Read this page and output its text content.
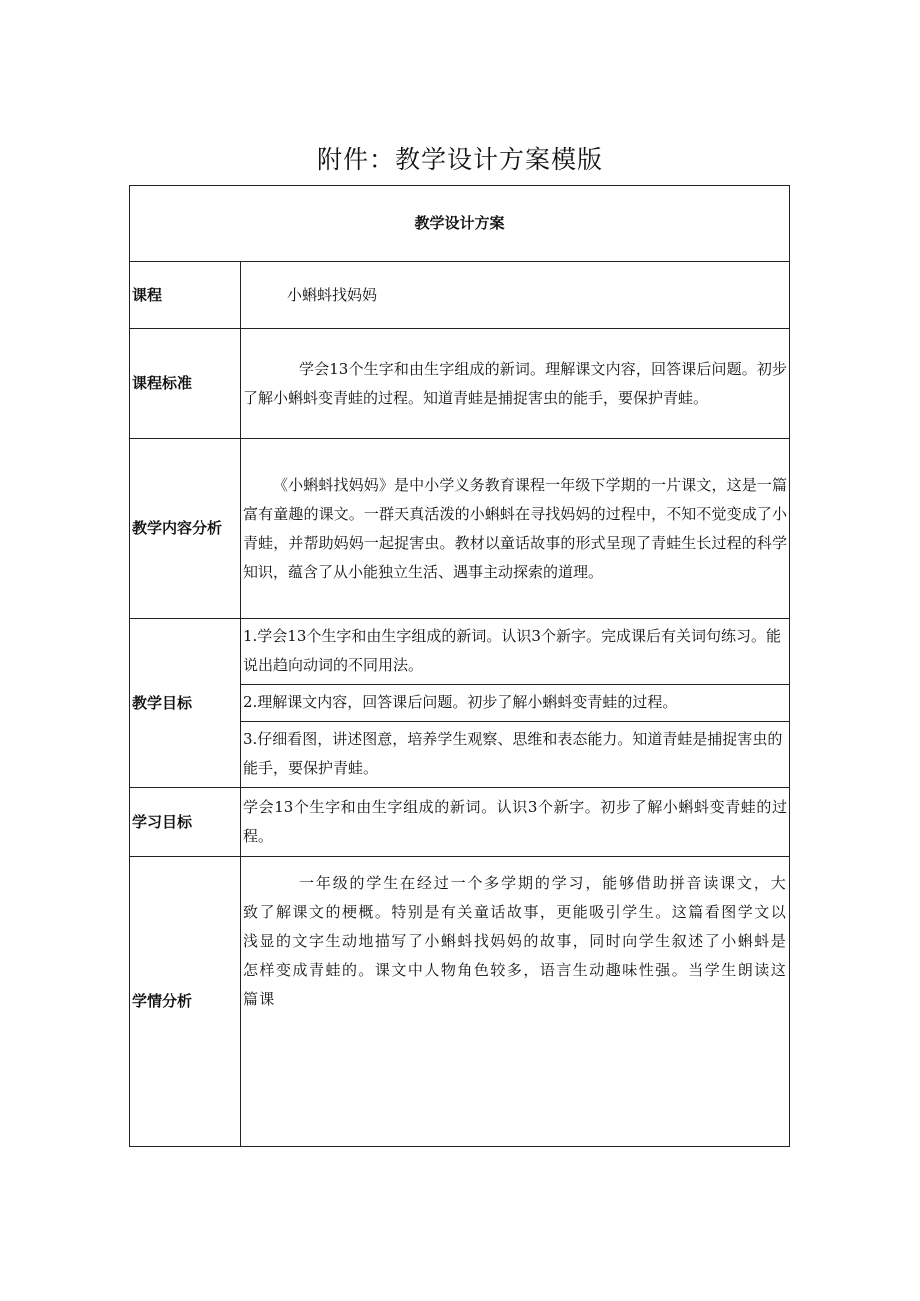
附件：教学设计方案模版
教学设计方案	
课程	小蝌蚪找妈妈
课程标准	学会13个生字和由生字组成的新词。理解课文内容，回答课后问题。初步了解小蝌蚪变青蛙的过程。知道青蛙是捕捉害虫的能手，要保护青蛙。
教学内容分析	《小蝌蚪找妈妈》是中小学义务教育课程一年级下学期的一片课文，这是一篇富有童趣的课文。一群天真活泼的小蝌蚪在寻找妈妈的过程中，不知不觉变成了小青蛙，并帮助妈妈一起捉害虫。教材以童话故事的形式呈现了青蛙生长过程的科学知识，蕴含了从小能独立生活、遇事主动探索的道理。
教学目标	1.学会13个生字和由生字组成的新词。认识3个新字。完成课后有关词句练习。能说出趋向动词的不同用法。
2.理解课文内容，回答课后问题。初步了解小蝌蚪变青蛙的过程。
3.仔细看图，讲述图意，培养学生观察、思维和表态能力。知道青蛙是捕捉害虫的能手，要保护青蛙。

学习目标	学会13个生字和由生字组成的新词。认识3个新字。初步了解小蝌蚪变青蛙的过程。
学情分析	一年级的学生在经过一个多学期的学习，能够借助拼音读课文，大致了解课文的梗概。特别是有关童话故事，更能吸引学生。这篇看图学文以浅显的文字生动地描写了小蝌蚪找妈妈的故事，同时向学生叙述了小蝌蚪是怎样变成青蛙的。课文中人物角色较多，语言生动趣味性强。当学生朗读这篇课
